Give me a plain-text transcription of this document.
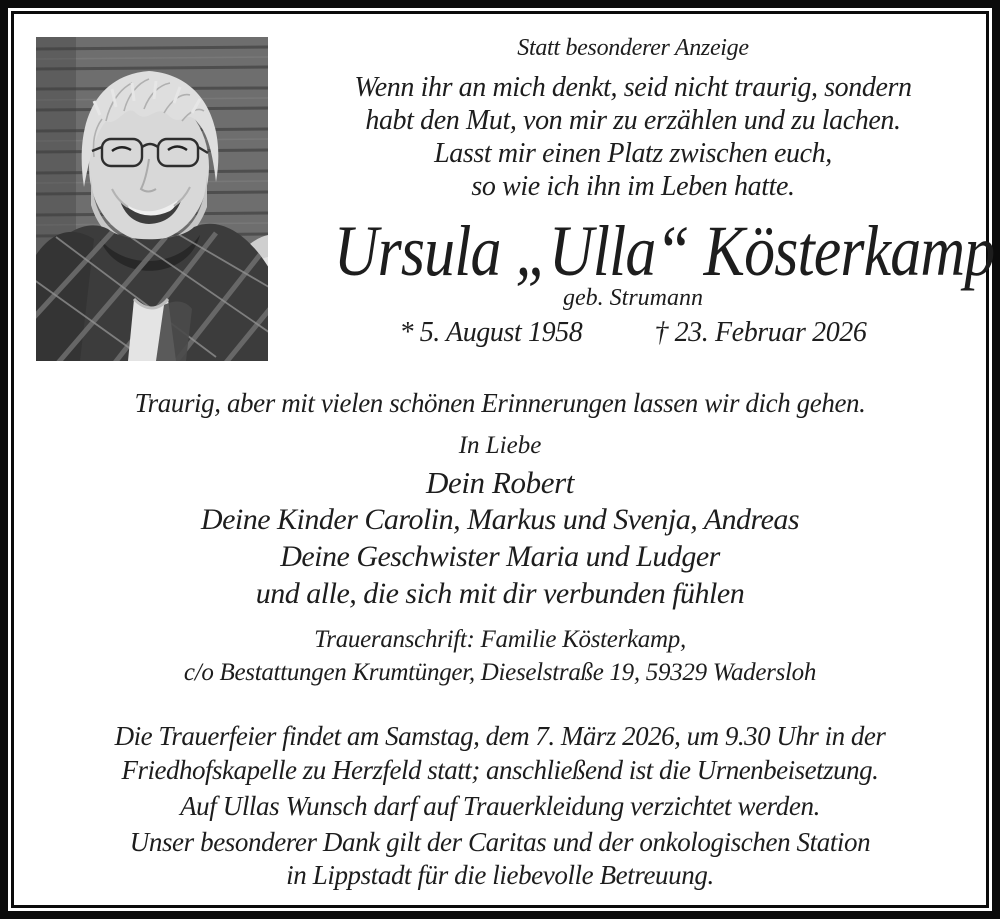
Statt besonderer Anzeige
Wenn ihr an mich denkt, seid nicht traurig, sondern
habt den Mut, von mir zu erzählen und zu lachen.
Lasst mir einen Platz zwischen euch,
so wie ich ihn im Leben hatte.
Ursula „Ulla“ Kösterkamp
geb. Strumann
* 5. August 1958	† 23. Februar 2026
Traurig, aber mit vielen schönen Erinnerungen lassen wir dich gehen.
In Liebe
Dein Robert
Deine Kinder Carolin, Markus und Svenja, Andreas
Deine Geschwister Maria und Ludger
und alle, die sich mit dir verbunden fühlen
Traueranschrift: Familie Kösterkamp,
c/o Bestattungen Krumtünger, Dieselstraße 19, 59329 Wadersloh
Die Trauerfeier findet am Samstag, dem 7. März 2026, um 9.30 Uhr in der
Friedhofskapelle zu Herzfeld statt; anschließend ist die Urnenbeisetzung.
Auf Ullas Wunsch darf auf Trauerkleidung verzichtet werden.
Unser besonderer Dank gilt der Caritas und der onkologischen Station
in Lippstadt für die liebevolle Betreuung.
